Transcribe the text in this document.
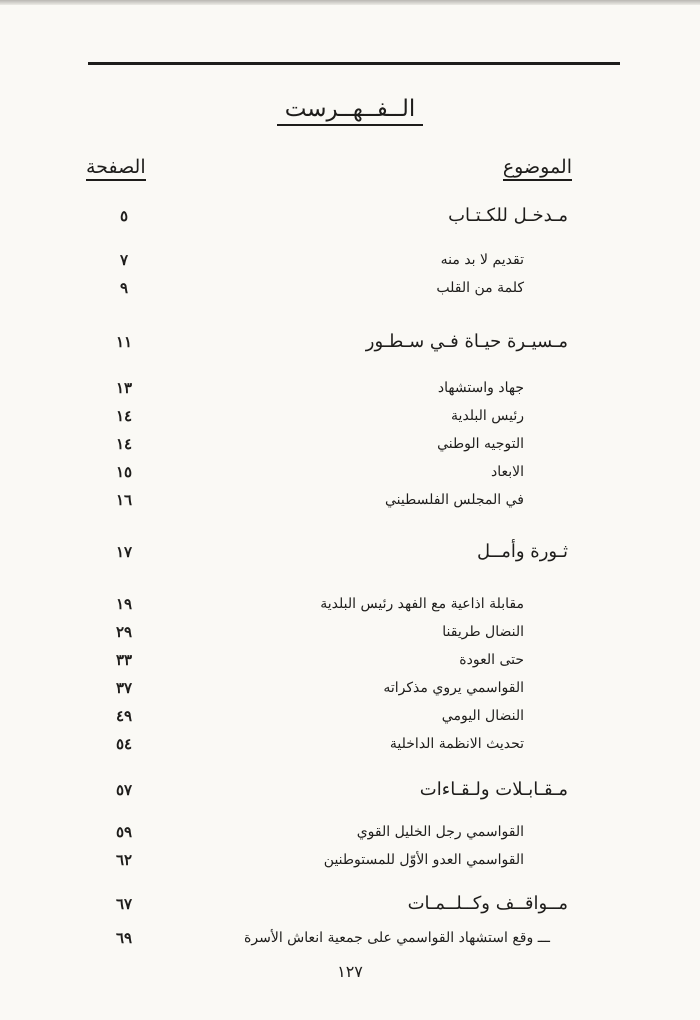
الــفــهــرست
الموضوع
الصفحة
مـدخـل للكـتـاب
٥
تقديم لا بد منه
٧
كلمة من القلب
٩
مـسيـرة حيـاة فـي سـطـور
١١
جهاد واستشهاد
١٣
رئيس البلدية
١٤
التوجيه الوطني
١٤
الابعاد
١٥
في المجلس الفلسطيني
١٦
ثـورة وأمــل
١٧
مقابلة اذاعية مع الفهد رئيس البلدية
١٩
النضال طريقنا
٢٩
حتى العودة
٣٣
القواسمي يروي مذكراته
٣٧
النضال اليومي
٤٩
تحديث الانظمة الداخلية
٥٤
مـقـابـلات ولـقـاءات
٥٧
القواسمي رجل الخليل القوي
٥٩
القواسمي العدو الأوّل للمستوطنين
٦٢
مــواقــف وكــلــمـات
٦٧
ـــ وقع استشهاد القواسمي على جمعية انعاش الأسرة
٦٩
١٢٧
